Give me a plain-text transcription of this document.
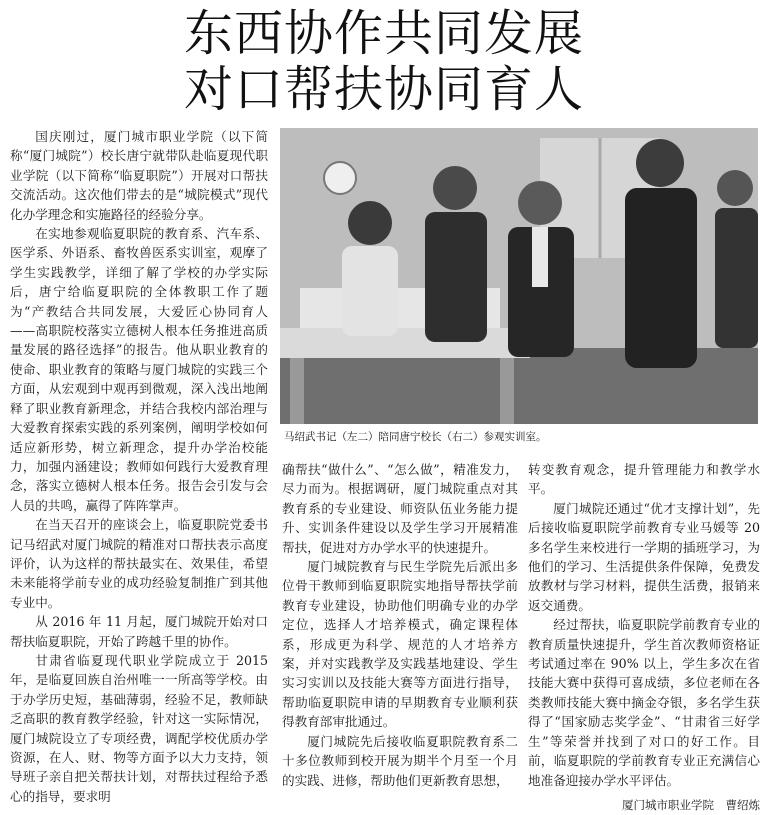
东西协作共同发展
对口帮扶协同育人

国庆刚过，厦门城市职业学院（以下简称“厦门城院”）校长唐宁就带队赴临夏现代职业学院（以下简称“临夏职院”）开展对口帮扶交流活动。这次他们带去的是“城院模式”现代化办学理念和实施路径的经验分享。

在实地参观临夏职院的教育系、汽车系、医学系、外语系、畜牧兽医系实训室，观摩了学生实践教学，详细了解了学校的办学实际后，唐宁给临夏职院的全体教职工作了题为“产教结合共同发展，大爱匠心协同育人——高职院校落实立德树人根本任务推进高质量发展的路径选择”的报告。他从职业教育的使命、职业教育的策略与厦门城院的实践三个方面，从宏观到中观再到微观，深入浅出地阐释了职业教育新理念，并结合我校内部治理与大爱教育探索实践的系列案例，阐明学校如何适应新形势，树立新理念，提升办学治校能力，加强内涵建设；教师如何践行大爱教育理念，落实立德树人根本任务。报告会引发与会人员的共鸣，赢得了阵阵掌声。

在当天召开的座谈会上，临夏职院党委书记马绍武对厦门城院的精准对口帮扶表示高度评价，认为这样的帮扶最实在、效果佳，希望未来能将学前专业的成功经验复制推广到其他专业中。

从 2016 年 11 月起，厦门城院开始对口帮扶临夏职院，开始了跨越千里的协作。

甘肃省临夏现代职业学院成立于 2015 年，是临夏回族自治州唯一一所高等学校。由于办学历史短，基础薄弱，经验不足，教师缺乏高职的教育教学经验，针对这一实际情况，厦门城院设立了专项经费，调配学校优质办学资源，在人、财、物等方面予以大力支持，领导班子亲自把关帮扶计划，对帮扶过程给予悉心的指导，要求明

马绍武书记（左二）陪同唐宁校长（右二）参观实训室。

确帮扶“做什么”、“怎么做”，精准发力，尽力而为。根据调研，厦门城院重点对其教育系的专业建设、师资队伍业务能力提升、实训条件建设以及学生学习开展精准帮扶，促进对方办学水平的快速提升。

厦门城院教育与民生学院先后派出多位骨干教师到临夏职院实地指导帮扶学前教育专业建设，协助他们明确专业的办学定位，选择人才培养模式，确定课程体系，形成更为科学、规范的人才培养方案，并对实践教学及实践基地建设、学生实习实训以及技能大赛等方面进行指导，帮助临夏职院申请的早期教育专业顺利获得教育部审批通过。

厦门城院先后接收临夏职院教育系二十多位教师到校开展为期半个月至一个月的实践、进修，帮助他们更新教育思想，

转变教育观念，提升管理能力和教学水平。

厦门城院还通过“优才支撑计划”，先后接收临夏职院学前教育专业马媛等 20 多名学生来校进行一学期的插班学习，为他们的学习、生活提供条件保障，免费发放教材与学习材料，提供生活费，报销来返交通费。

经过帮扶，临夏职院学前教育专业的教育质量快速提升，学生首次教师资格证考试通过率在 90% 以上，学生多次在省技能大赛中获得可喜成绩，多位老师在各类教师技能大赛中摘金夺银，多名学生获得了“国家励志奖学金”、“甘肃省三好学生”等荣誉并找到了对口的好工作。目前，临夏职院的学前教育专业正充满信心地准备迎接办学水平评估。

厦门城市职业学院　曹绍炼
